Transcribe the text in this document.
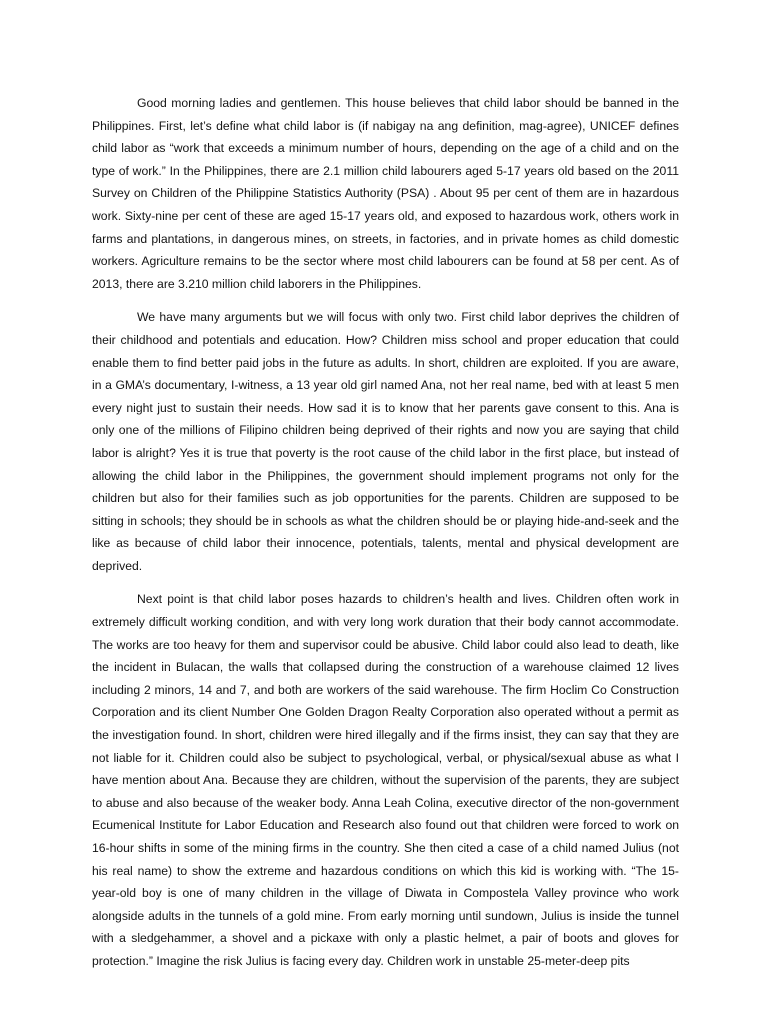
Good morning ladies and gentlemen. This house believes that child labor should be banned in the Philippines. First, let’s define what child labor is (if nabigay na ang definition, mag-agree), UNICEF defines child labor as “work that exceeds a minimum number of hours, depending on the age of a child and on the type of work.” In the Philippines, there are 2.1 million child labourers aged 5-17 years old based on the 2011 Survey on Children of the Philippine Statistics Authority (PSA) . About 95 per cent of them are in hazardous work. Sixty-nine per cent of these are aged 15-17 years old, and exposed to hazardous work, others work in farms and plantations, in dangerous mines, on streets, in factories, and in private homes as child domestic workers. Agriculture remains to be the sector where most child labourers can be found at 58 per cent. As of 2013, there are 3.210 million child laborers in the Philippines.

We have many arguments but we will focus with only two. First child labor deprives the children of their childhood and potentials and education. How? Children miss school and proper education that could enable them to find better paid jobs in the future as adults. In short, children are exploited. If you are aware, in a GMA’s documentary, I-witness, a 13 year old girl named Ana, not her real name, bed with at least 5 men every night just to sustain their needs. How sad it is to know that her parents gave consent to this. Ana is only one of the millions of Filipino children being deprived of their rights and now you are saying that child labor is alright? Yes it is true that poverty is the root cause of the child labor in the first place, but instead of allowing the child labor in the Philippines, the government should implement programs not only for the children but also for their families such as job opportunities for the parents. Children are supposed to be sitting in schools; they should be in schools as what the children should be or playing hide-and-seek and the like as because of child labor their innocence, potentials, talents, mental and physical development are deprived.

Next point is that child labor poses hazards to children’s health and lives. Children often work in extremely difficult working condition, and with very long work duration that their body cannot accommodate. The works are too heavy for them and supervisor could be abusive. Child labor could also lead to death, like the incident in Bulacan, the walls that collapsed during the construction of a warehouse claimed 12 lives including 2 minors, 14 and 7, and both are workers of the said warehouse. The firm Hoclim Co Construction Corporation and its client Number One Golden Dragon Realty Corporation also operated without a permit as the investigation found. In short, children were hired illegally and if the firms insist, they can say that they are not liable for it. Children could also be subject to psychological, verbal, or physical/sexual abuse as what I have mention about Ana. Because they are children, without the supervision of the parents, they are subject to abuse and also because of the weaker body. Anna Leah Colina, executive director of the non-government Ecumenical Institute for Labor Education and Research also found out that children were forced to work on 16-hour shifts in some of the mining firms in the country. She then cited a case of a child named Julius (not his real name) to show the extreme and hazardous conditions on which this kid is working with. “The 15-year-old boy is one of many children in the village of Diwata in Compostela Valley province who work alongside adults in the tunnels of a gold mine. From early morning until sundown, Julius is inside the tunnel with a sledgehammer, a shovel and a pickaxe with only a plastic helmet, a pair of boots and gloves for protection.” Imagine the risk Julius is facing every day. Children work in unstable 25-meter-deep pits
